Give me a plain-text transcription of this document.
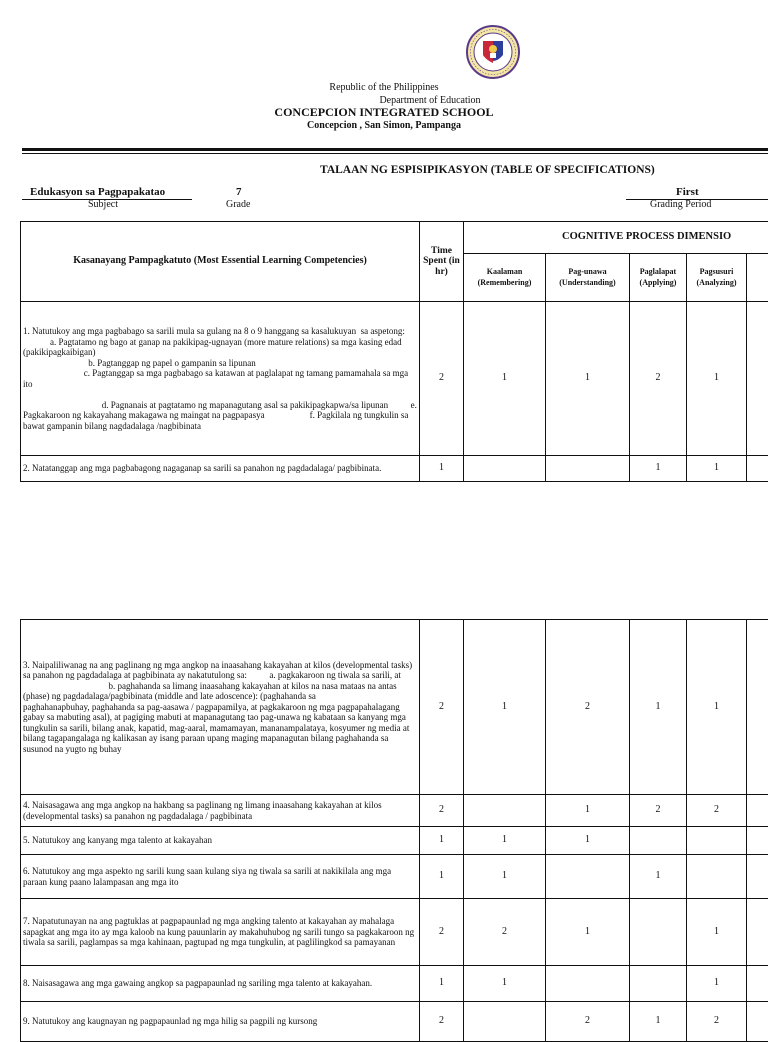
Republic of the Philippines
Department of Education
CONCEPCION INTEGRATED SCHOOL
Concepcion , San Simon, Pampanga
TALAAN NG ESPISIPIKASYON (TABLE OF SPECIFICATIONS)
Edukasyon sa Pagpapakatao
Subject
7
Grade
First
Grading Period
Kasanayang Pampagkatuto (Most Essential Learning Competencies)	Time Spent (in hr)	COGNITIVE PROCESS DIMENSIO				
		Kaalaman (Remembering)	Pag-unawa (Understanding)	Paglalapat (Applying)	Pagsusuri (Analyzing)	
1. Natutukoy ang mga pagbabago sa sarili mula sa gulang na 8 o 9 hanggang sa kasalukuyan  sa aspetong:
a. Pagtatamo ng bago at ganap na pakikipag-ugnayan (more mature relations) sa mga kasing edad (pakikipagkaibigan)
b. Pagtanggap ng papel o gampanin sa lipunan
c. Pagtanggap sa mga pagbabago sa katawan at paglalapat ng tamang pamamahala sa mga ito

d. Pagnanais at pagtatamo ng mapanagutang asal sa pakikipagkapwa/sa lipunan          e. Pagkakaroon ng kakayahang makagawa ng maingat na pagpapasya                    f. Pagkilala ng tungkulin sa bawat gampanin bilang nagdadalaga /nagbibinata	2	1	1	2	1	
2. Natatanggap ang mga pagbabagong nagaganap sa sarili sa panahon ng pagdadalaga/ pagbibinata.	1			1	1	
3. Naipaliliwanag na ang paglinang ng mga angkop na inaasahang kakayahan at kilos (developmental tasks) sa panahon ng pagdadalaga at pagbibinata ay nakatutulong sa:          a. pagkakaroon ng tiwala sa sarili, at
b. paghahanda sa limang inaasahang kakayahan at kilos na nasa mataas na antas (phase) ng pagdadalaga/pagbibinata (middle and late adoscence): (paghahanda sa
paghahanapbuhay, paghahanda sa pag-aasawa / pagpapamilya, at pagkakaroon ng mga pagpapahalagang gabay sa mabuting asal), at pagiging mabuti at mapanagutang tao pag-unawa ng kabataan sa kanyang mga tungkulin sa sarili, bilang anak, kapatid, mag-aaral, mamamayan, mananampalataya, kosyumer ng media at bilang tagapangalaga ng kalikasan ay isang paraan upang maging mapanagutan bilang paghahanda sa susunod na yugto ng buhay	2	1	2	1	1	
4. Naisasagawa ang mga angkop na hakbang sa paglinang ng limang inaasahang kakayahan at kilos (developmental tasks) sa panahon ng pagdadalaga / pagbibinata	2		1	2	2	
5. Natutukoy ang kanyang mga talento at kakayahan	1	1	1			
6. Natutukoy ang mga aspekto ng sarili kung saan kulang siya ng tiwala sa sarili at nakikilala ang mga paraan kung paano lalampasan ang mga ito	1	1		1		
7. Napatutunayan na ang pagtuklas at pagpapaunlad ng mga angking talento at kakayahan ay mahalaga sapagkat ang mga ito ay mga kaloob na kung pauunlarin ay makahuhubog ng sarili tungo sa pagkakaroon ng tiwala sa sarili, paglampas sa mga kahinaan, pagtupad ng mga tungkulin, at paglilingkod sa pamayanan	2	2	1		1	
8. Naisasagawa ang mga gawaing angkop sa pagpapaunlad ng sariling mga talento at kakayahan.	1	1			1	
9. Natutukoy ang kaugnayan ng pagpapaunlad ng mga hilig sa pagpili ng kursong	2		2	1	2	
